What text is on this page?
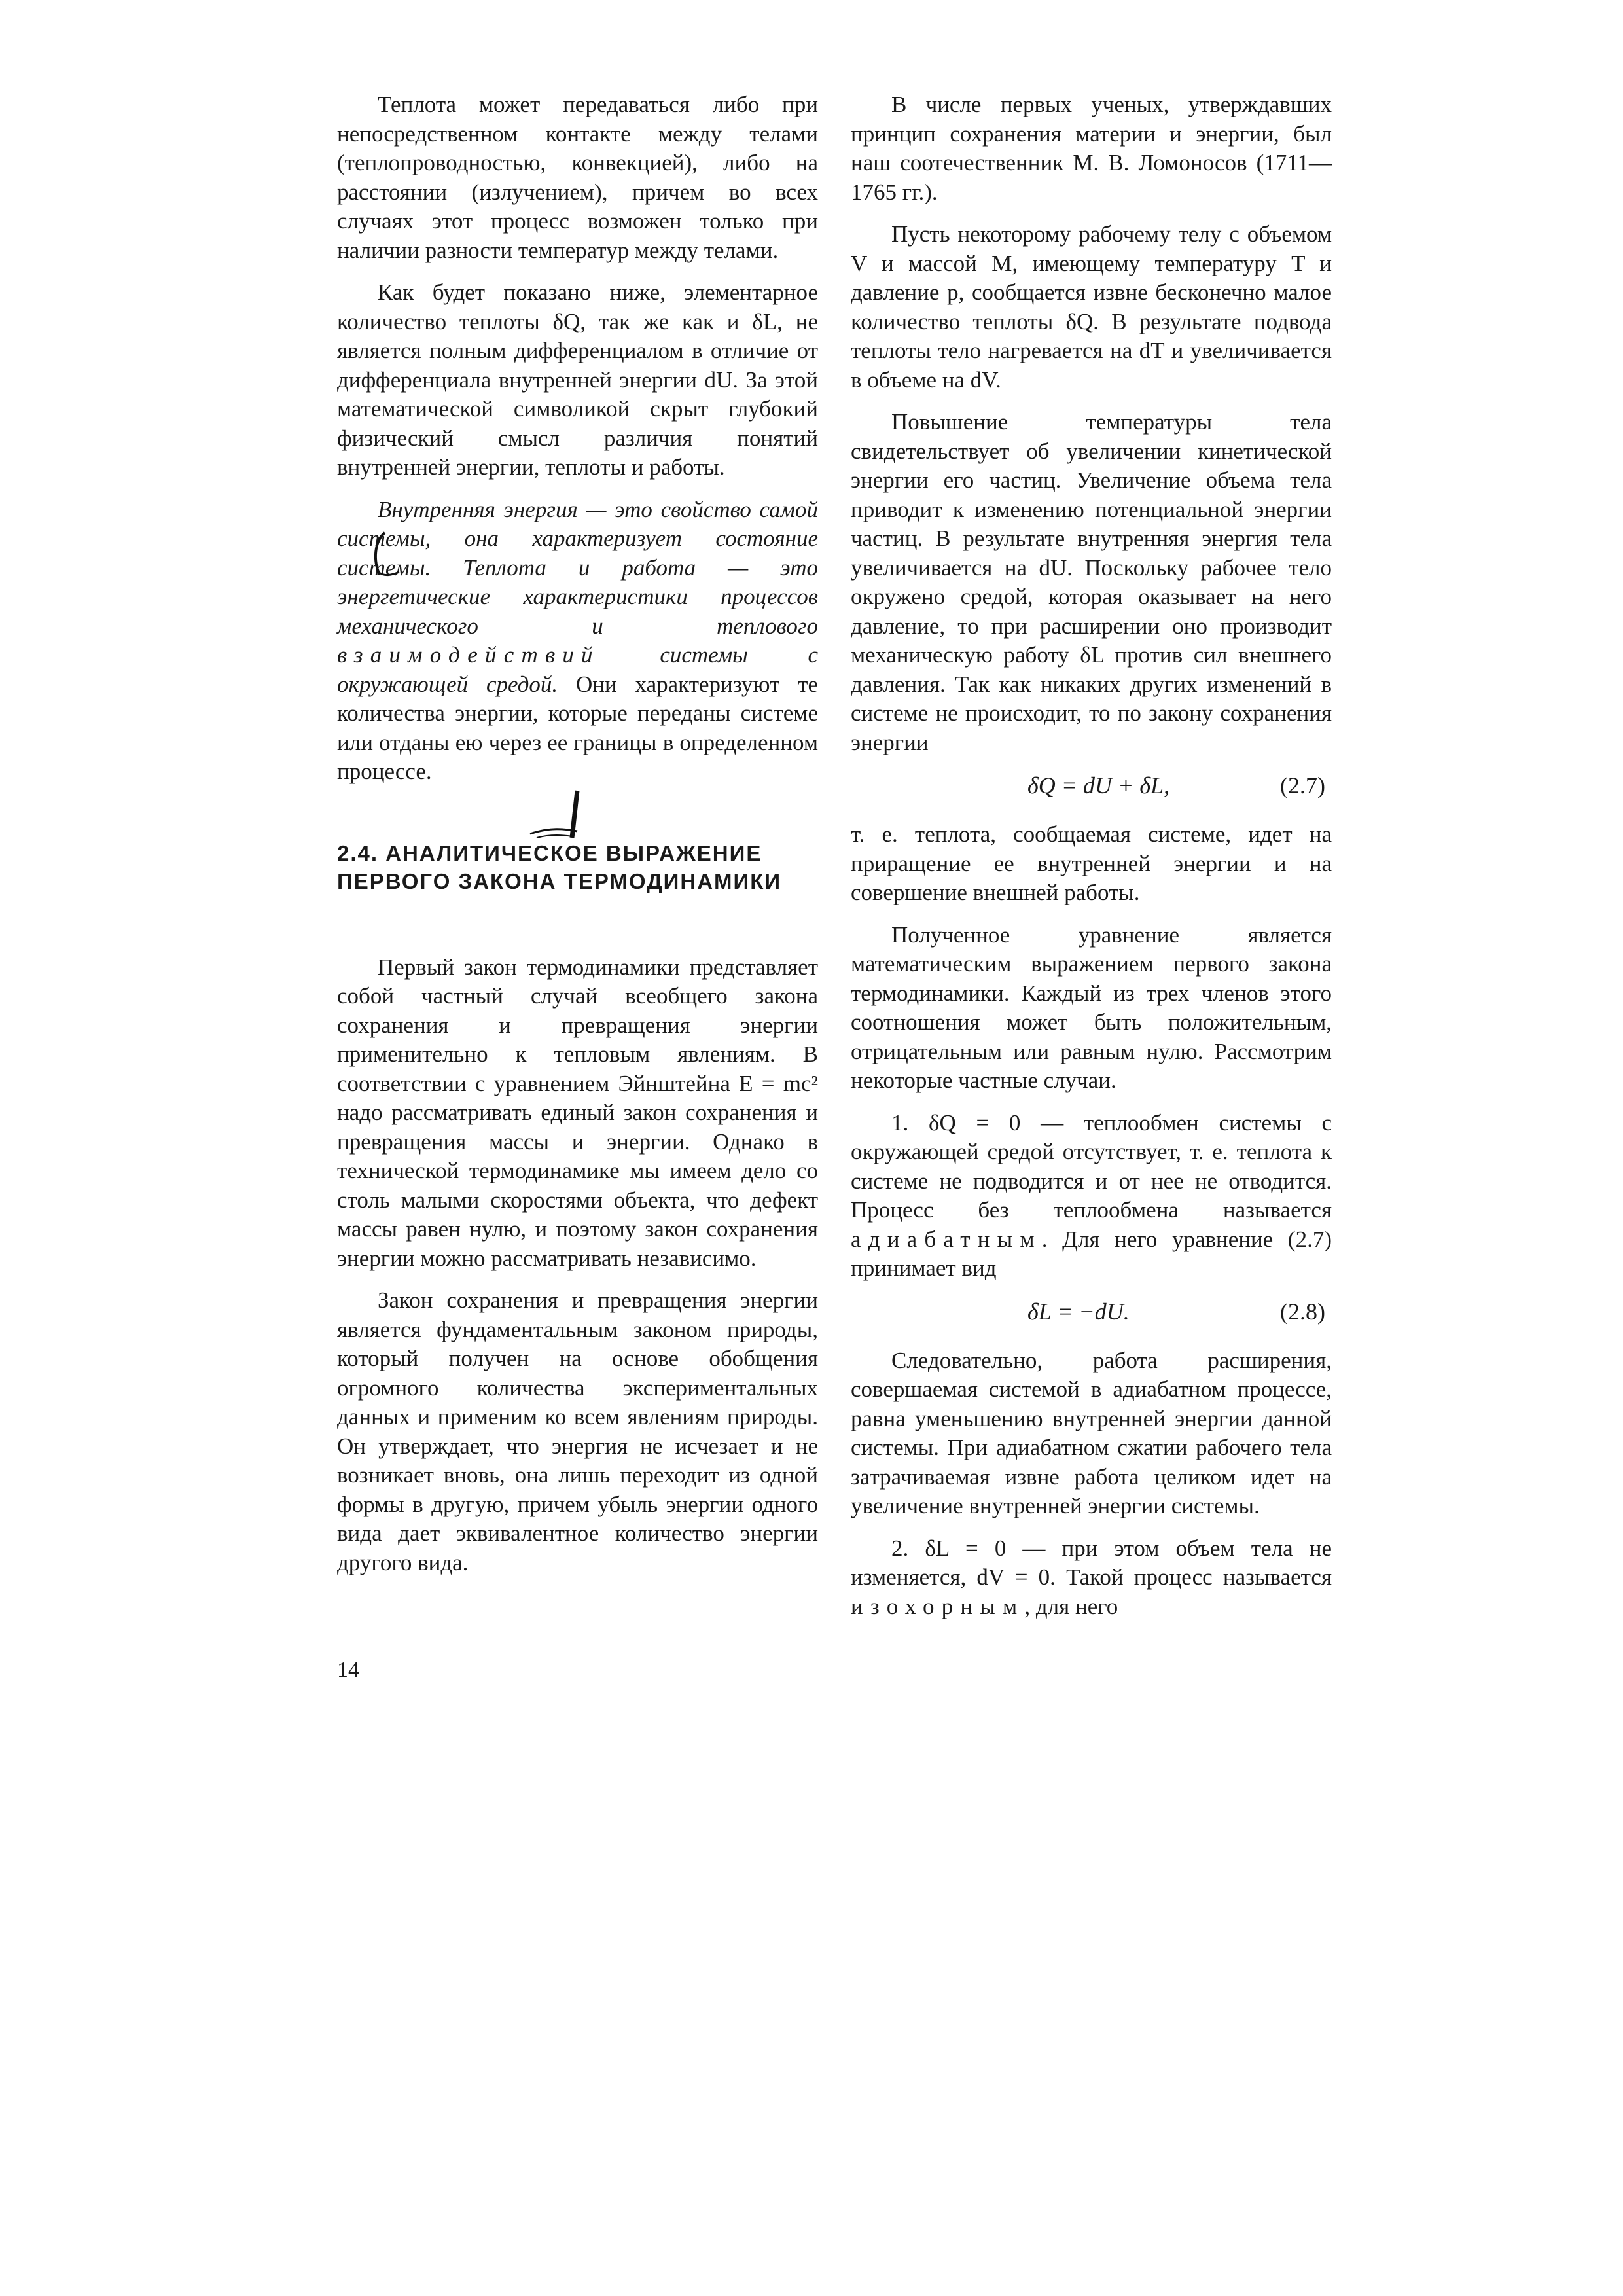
Теплота может передаваться либо при непосредственном контакте между телами (теплопроводностью, конвекцией), либо на расстоянии (излучением), причем во всех случаях этот процесс возможен только при наличии разности температур между телами.

Как будет показано ниже, элементарное количество теплоты δQ, так же как и δL, не является полным дифференциалом в отличие от дифференциала внутренней энергии dU. За этой математической символикой скрыт глубокий физический смысл различия понятий внутренней энергии, теплоты и работы.

Внутренняя энергия — это свойство самой системы, она характеризует состояние системы. Теплота и работа — это энергетические характеристики процессов механического и теплового взаимодействий системы с окружающей средой. Они характеризуют те количества энергии, которые переданы системе или отданы ею через ее границы в определенном процессе.

2.4. АНАЛИТИЧЕСКОЕ ВЫРАЖЕНИЕ ПЕРВОГО ЗАКОНА ТЕРМОДИНАМИКИ

Первый закон термодинамики представляет собой частный случай всеобщего закона сохранения и превращения энергии применительно к тепловым явлениям. В соответствии с уравнением Эйнштейна E = mc² надо рассматривать единый закон сохранения и превращения массы и энергии. Однако в технической термодинамике мы имеем дело со столь малыми скоростями объекта, что дефект массы равен нулю, и поэтому закон сохранения энергии можно рассматривать независимо.

Закон сохранения и превращения энергии является фундаментальным законом природы, который получен на основе обобщения огромного количества экспериментальных данных и применим ко всем явлениям природы. Он утверждает, что энергия не исчезает и не возникает вновь, она лишь переходит из одной формы в другую, причем убыль энергии одного вида дает эквивалентное количество энергии другого вида.

В числе первых ученых, утверждавших принцип сохранения материи и энергии, был наш соотечественник М. В. Ломоносов (1711—1765 гг.).

Пусть некоторому рабочему телу с объемом V и массой M, имеющему температуру T и давление p, сообщается извне бесконечно малое количество теплоты δQ. В результате подвода теплоты тело нагревается на dT и увеличивается в объеме на dV.

Повышение температуры тела свидетельствует об увеличении кинетической энергии его частиц. Увеличение объема тела приводит к изменению потенциальной энергии частиц. В результате внутренняя энергия тела увеличивается на dU. Поскольку рабочее тело окружено средой, которая оказывает на него давление, то при расширении оно производит механическую работу δL против сил внешнего давления. Так как никаких других изменений в системе не происходит, то по закону сохранения энергии

δQ = dU + δL,	(2.7)

т. е. теплота, сообщаемая системе, идет на приращение ее внутренней энергии и на совершение внешней работы.

Полученное уравнение является математическим выражением первого закона термодинамики. Каждый из трех членов этого соотношения может быть положительным, отрицательным или равным нулю. Рассмотрим некоторые частные случаи.

1. δQ = 0 — теплообмен системы с окружающей средой отсутствует, т. е. теплота к системе не подводится и от нее не отводится. Процесс без теплообмена называется адиабатным. Для него уравнение (2.7) принимает вид

δL = −dU.	(2.8)

Следовательно, работа расширения, совершаемая системой в адиабатном процессе, равна уменьшению внутренней энергии данной системы. При адиабатном сжатии рабочего тела затрачиваемая извне работа целиком идет на увеличение внутренней энергии системы.

2. δL = 0 — при этом объем тела не изменяется, dV = 0. Такой процесс называется изохорным, для него

14
